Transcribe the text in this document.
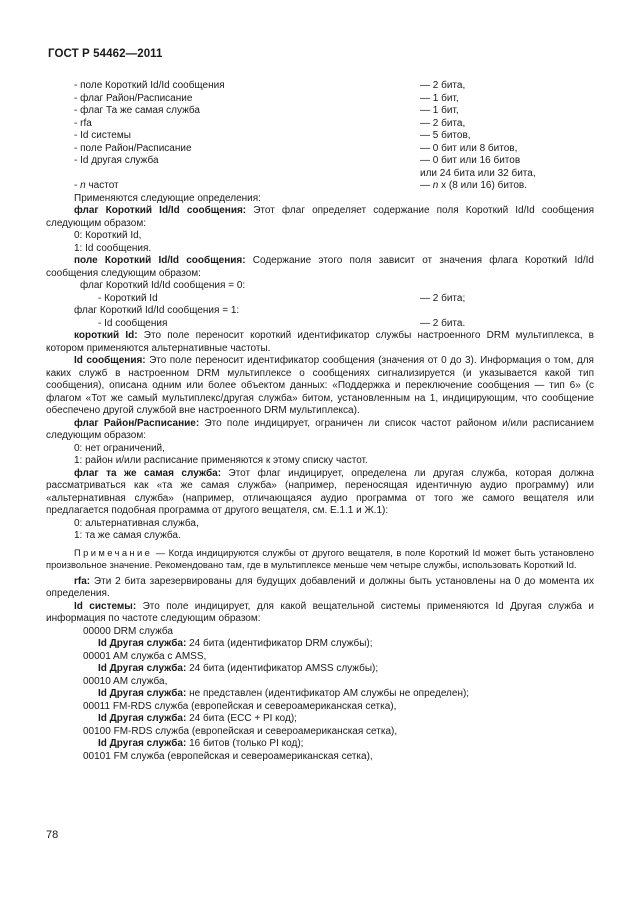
ГОСТ Р 54462—2011
- поле Короткий Id/Id сообщения	— 2 бита,
- флаг Район/Расписание	— 1 бит,
- флаг Та же самая служба	— 1 бит,
- rfa	— 2 бита,
- Id системы	— 5 битов,
- поле Район/Расписание	— 0 бит или 8 битов,
- Id другая служба	— 0 бит или 16 битов
или 24 бита или 32 бита,
- n частот	— n x (8 или 16) битов.

Применяются следующие определения:

флаг Короткий Id/Id сообщения: Этот флаг определяет содержание поля Короткий Id/Id сообщения следующим образом:

0: Короткий Id,
1: Id сообщения.

поле Короткий Id/Id сообщения: Содержание этого поля зависит от значения флага Короткий Id/Id сообщения следующим образом:

флаг Короткий Id/Id сообщения = 0:
- Короткий Id	— 2 бита;
флаг Короткий Id/Id сообщения = 1:
- Id сообщения	— 2 бита.

короткий Id: Это поле переносит короткий идентификатор службы настроенного DRM мультиплекса, в котором применяются альтернативные частоты.

Id сообщения: Это поле переносит идентификатор сообщения (значения от 0 до 3). Информация о том, для каких служб в настроенном DRM мультиплексе о сообщениях сигнализируется (и указывается какой тип сообщения), описана одним или более объектом данных: «Поддержка и переключение сообщения — тип 6» (с флагом «Тот же самый мультиплекс/другая служба» битом, установленным на 1, индицирующим, что сообщение обеспечено другой службой вне настроенного DRM мультиплекса).

флаг Район/Расписание: Это поле индицирует, ограничен ли список частот районом и/или расписанием следующим образом:

0: нет ограничений,
1: район и/или расписание применяются к этому списку частот.

флаг та же самая служба: Этот флаг индицирует, определена ли другая служба, которая должна рассматриваться как «та же самая служба» (например, переносящая идентичную аудио программу) или «альтернативная служба» (например, отличающаяся аудио программа от того же самого вещателя или предлагается подобная программа от другого вещателя, см. Е.1.1 и Ж.1):

0: альтернативная служба,
1: та же самая служба.

Примечание — Когда индицируются службы от другого вещателя, в поле Короткий Id может быть установлено произвольное значение. Рекомендовано там, где в мультиплексе меньше чем четыре службы, использовать Короткий Id.

rfa: Эти 2 бита зарезервированы для будущих добавлений и должны быть установлены на 0 до момента их определения.

Id системы: Это поле индицирует, для какой вещательной системы применяются Id Другая служба и информация по частоте следующим образом:

00000 DRM служба
Id Другая служба: 24 бита (идентификатор DRM службы);
00001 AM служба с AMSS,
Id Другая служба: 24 бита (идентификатор AMSS службы);
00010 AM служба,
Id Другая служба: не представлен (идентификатор AM службы не определен);
00011 FM-RDS служба (европейская и североамериканская сетка),
Id Другая служба: 24 бита (ECC + PI код);
00100 FM-RDS служба (европейская и североамериканская сетка),
Id Другая служба: 16 битов (только PI код);
00101 FM служба (европейская и североамериканская сетка),
78
